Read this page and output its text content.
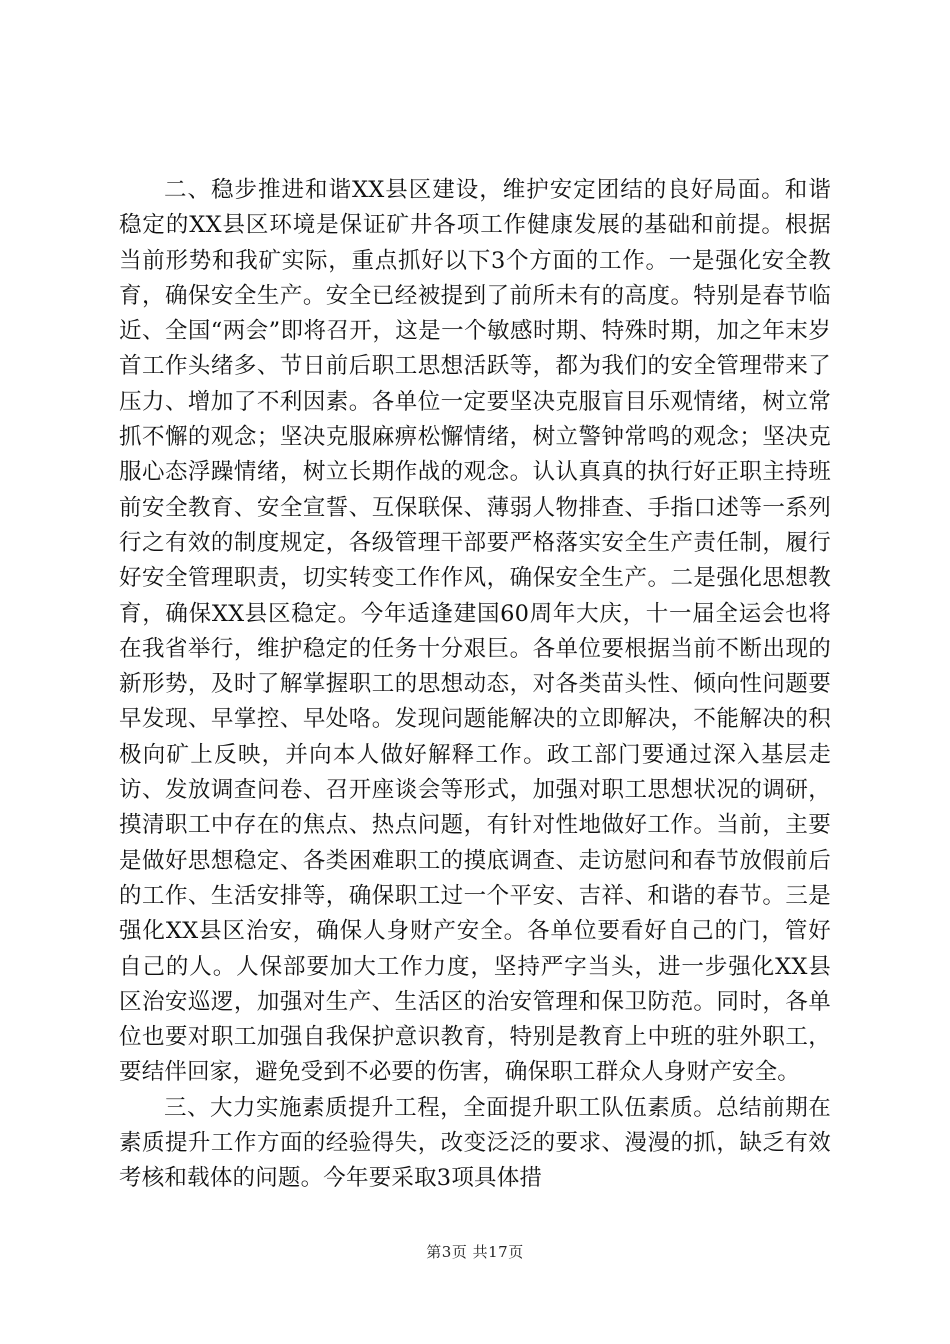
二、稳步推进和谐XX县区建设，维护安定团结的良好局面。和谐稳定的XX县区环境是保证矿井各项工作健康发展的基础和前提。根据当前形势和我矿实际，重点抓好以下3个方面的工作。一是强化安全教育，确保安全生产。安全已经被提到了前所未有的高度。特别是春节临近、全国“两会”即将召开，这是一个敏感时期、特殊时期，加之年末岁首工作头绪多、节日前后职工思想活跃等，都为我们的安全管理带来了压力、增加了不利因素。各单位一定要坚决克服盲目乐观情绪，树立常抓不懈的观念；坚决克服麻痹松懈情绪，树立警钟常鸣的观念；坚决克服心态浮躁情绪，树立长期作战的观念。认认真真的执行好正职主持班前安全教育、安全宣誓、互保联保、薄弱人物排查、手指口述等一系列行之有效的制度规定，各级管理干部要严格落实安全生产责任制，履行好安全管理职责，切实转变工作作风，确保安全生产。二是强化思想教育，确保XX县区稳定。今年适逢建国60周年大庆，十一届全运会也将在我省举行，维护稳定的任务十分艰巨。各单位要根据当前不断出现的新形势，及时了解掌握职工的思想动态，对各类苗头性、倾向性问题要早发现、早掌控、早处咯。发现问题能解决的立即解决，不能解决的积极向矿上反映，并向本人做好解释工作。政工部门要通过深入基层走访、发放调查问卷、召开座谈会等形式，加强对职工思想状况的调研，摸清职工中存在的焦点、热点问题，有针对性地做好工作。当前，主要是做好思想稳定、各类困难职工的摸底调查、走访慰问和春节放假前后的工作、生活安排等，确保职工过一个平安、吉祥、和谐的春节。三是强化XX县区治安，确保人身财产安全。各单位要看好自己的门，管好自己的人。人保部要加大工作力度，坚持严字当头，进一步强化XX县区治安巡逻，加强对生产、生活区的治安管理和保卫防范。同时，各单位也要对职工加强自我保护意识教育，特别是教育上中班的驻外职工，要结伴回家，避免受到不必要的伤害，确保职工群众人身财产安全。

三、大力实施素质提升工程，全面提升职工队伍素质。总结前期在素质提升工作方面的经验得失，改变泛泛的要求、漫漫的抓，缺乏有效考核和载体的问题。今年要采取3项具体措

第3页 共17页
